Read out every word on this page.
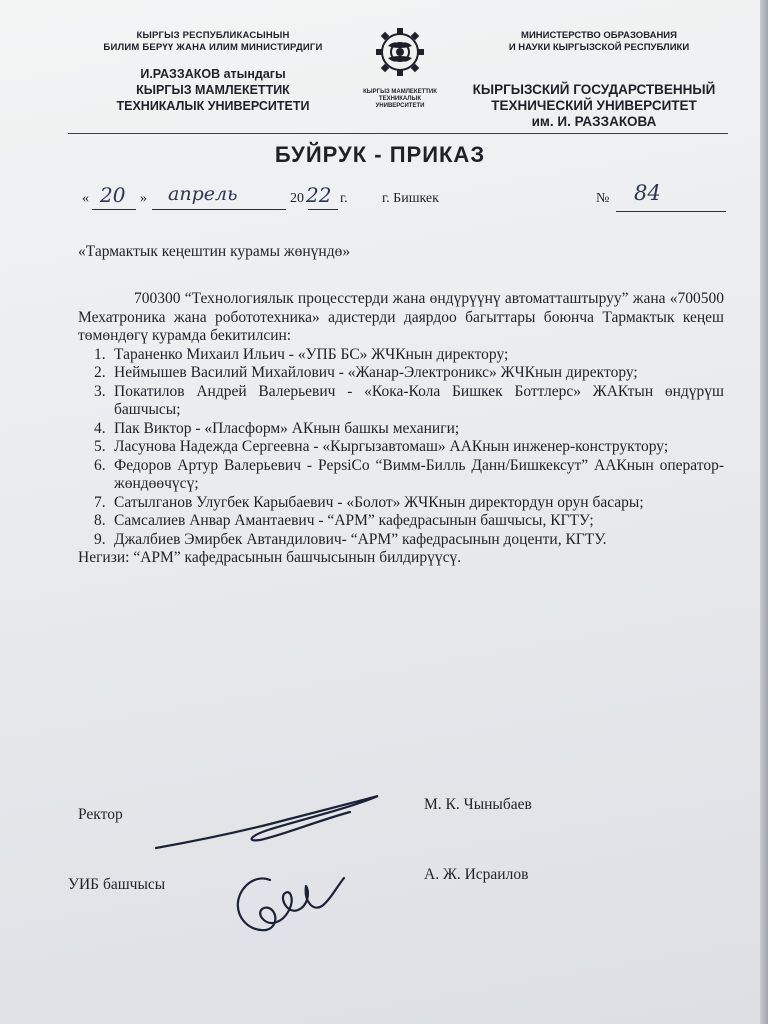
КЫРГЫЗ РЕСПУБЛИКАСЫНЫН
БИЛИМ БЕРҮҮ ЖАНА ИЛИМ МИНИСТИРДИГИ
И.РАЗЗАКОВ атындагы
КЫРГЫЗ МАМЛЕКЕТТИК
ТЕХНИКАЛЫК УНИВЕРСИТЕТИ
КЫРГЫЗ МАМЛЕКЕТТИК
ТЕХНИКАЛЫК УНИВЕРСИТЕТИ
МИНИСТЕРСТВО ОБРАЗОВАНИЯ
И НАУКИ КЫРГЫЗСКОЙ РЕСПУБЛИКИ
КЫРГЫЗСКИЙ ГОСУДАРСТВЕННЫЙ
ТЕХНИЧЕСКИЙ УНИВЕРСИТЕТ
им. И. РАЗЗАКОВА
БУЙРУК - ПРИКАЗ
« 20 » апрель	20 22 г. г. Бишкек	№ 84
«Тармактык кеңештин курамы жөнүндө»

700300 “Технологиялык процесстерди жана өндүрүүнү автоматташтыруу” жана «700500 Мехатроника жана робототехника» адистерди даярдоо багыттары боюнча Тармактык кеңеш төмөндөгү курамда бекитилсин:

1. Тараненко Михаил Ильич - «УПБ БС» ЖЧКнын директору;
2. Неймышев Василий Михайлович - «Жанар-Электроникс» ЖЧКнын директору;
3. Покатилов Андрей Валерьевич - «Кока-Кола Бишкек Боттлерс» ЖАКтын өндүрүш башчысы;
4. Пак Виктор - «Пласформ» АКнын башкы механиги;
5. Ласунова Надежда Сергеевна - «Кыргызавтомаш» ААКнын инженер-конструктору;
6. Федоров Артур Валерьевич - PepsiCo “Вимм-Билль Данн/Бишкексут” ААКнын оператор-жөндөөчүсү;
7. Сатылганов Улугбек Карыбаевич - «Болот» ЖЧКнын директордун орун басары;
8. Самсалиев Анвар Амантаевич - “АРМ” кафедрасынын башчысы, КГТУ;
9. Джалбиев Эмирбек Автандилович- “АРМ” кафедрасынын доценти, КГТУ.

Негизи: “АРМ” кафедрасынын башчысынын билдирүүсү.

Ректор
М. К. Чыныбаев
УИБ башчысы
А. Ж. Исраилов
